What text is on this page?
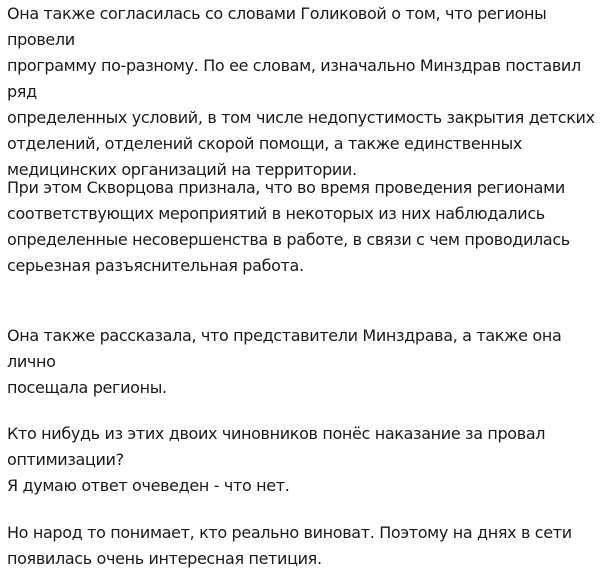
Она также согласилась со словами Голиковой о том, что регионы провели
программу по-разному. По ее словам, изначально Минздрав поставил ряд
определенных условий, в том числе недопустимость закрытия детских
отделений, отделений скорой помощи, а также единственных
медицинских организаций на территории.

При этом Скворцова признала, что во время проведения регионами
соответствующих мероприятий в некоторых из них наблюдались
определенные несовершенства в работе, в связи с чем проводилась
серьезная разъяснительная работа.

Она также рассказала, что представители Минздрава, а также она лично
посещала регионы.

Кто нибудь из этих двоих чиновников понёс наказание за провал
оптимизации?
Я думаю ответ очеведен - что нет.

Но народ то понимает, кто реально виноват. Поэтому на днях в сети
появилась очень интересная петиция.
